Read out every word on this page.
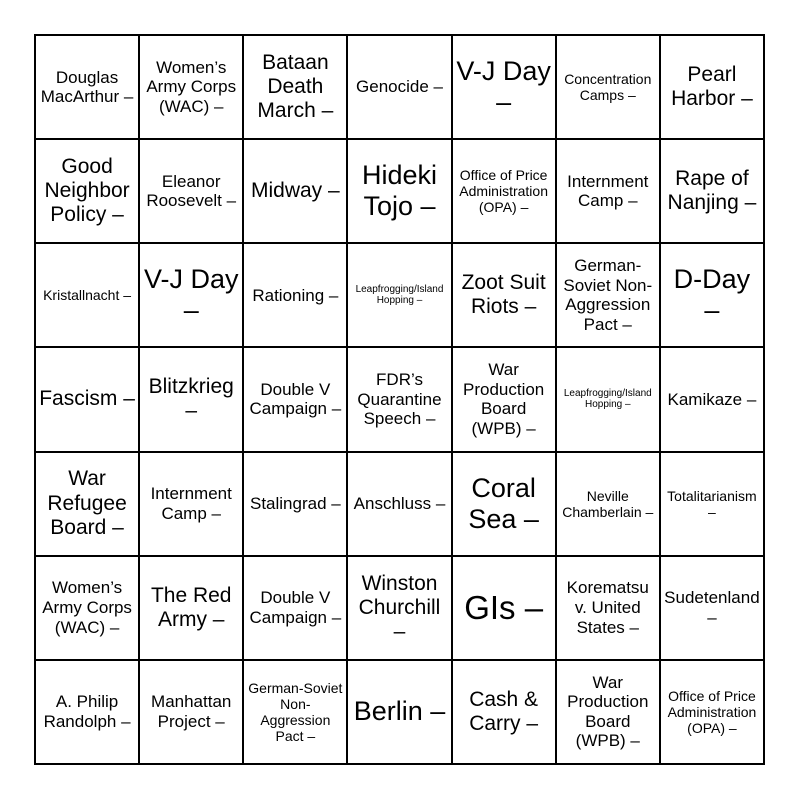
Douglas MacArthur –
Women’s Army Corps (WAC) –
Bataan Death March –
Genocide –
V-J Day –
Concentration Camps –
Pearl Harbor –
Good Neighbor Policy –
Eleanor Roosevelt – Midway –
Hideki Tojo –
Office of Price Administration (OPA) –
Internment Camp –
Rape of Nanjing –
Kristallnacht –
V-J Day –
Rationing –	Leapfrogging/Island Hopping –
Zoot Suit Riots –
German-Soviet Non-Aggression Pact –
D-Day –
Fascism –
Blitzkrieg –
Double V Campaign –
FDR’s Quarantine Speech –
War Production Board (WPB) –
Leapfrogging/Island Hopping –	Kamikaze –
War Refugee Board –
Internment Camp –
Stalingrad – Anschluss –
Coral Sea –
Neville Chamberlain –
Totalitarianism –
Women’s Army Corps (WAC) –
The Red Army –
Double V Campaign –
Winston Churchill –
GIs –
Korematsu v. United States –
Sudetenland –
A. Philip Randolph –
Manhattan Project –
German-Soviet Non-Aggression Pact –
Berlin –	Cash & Carry –
War Production Board (WPB) –
Office of Price Administration (OPA) –
